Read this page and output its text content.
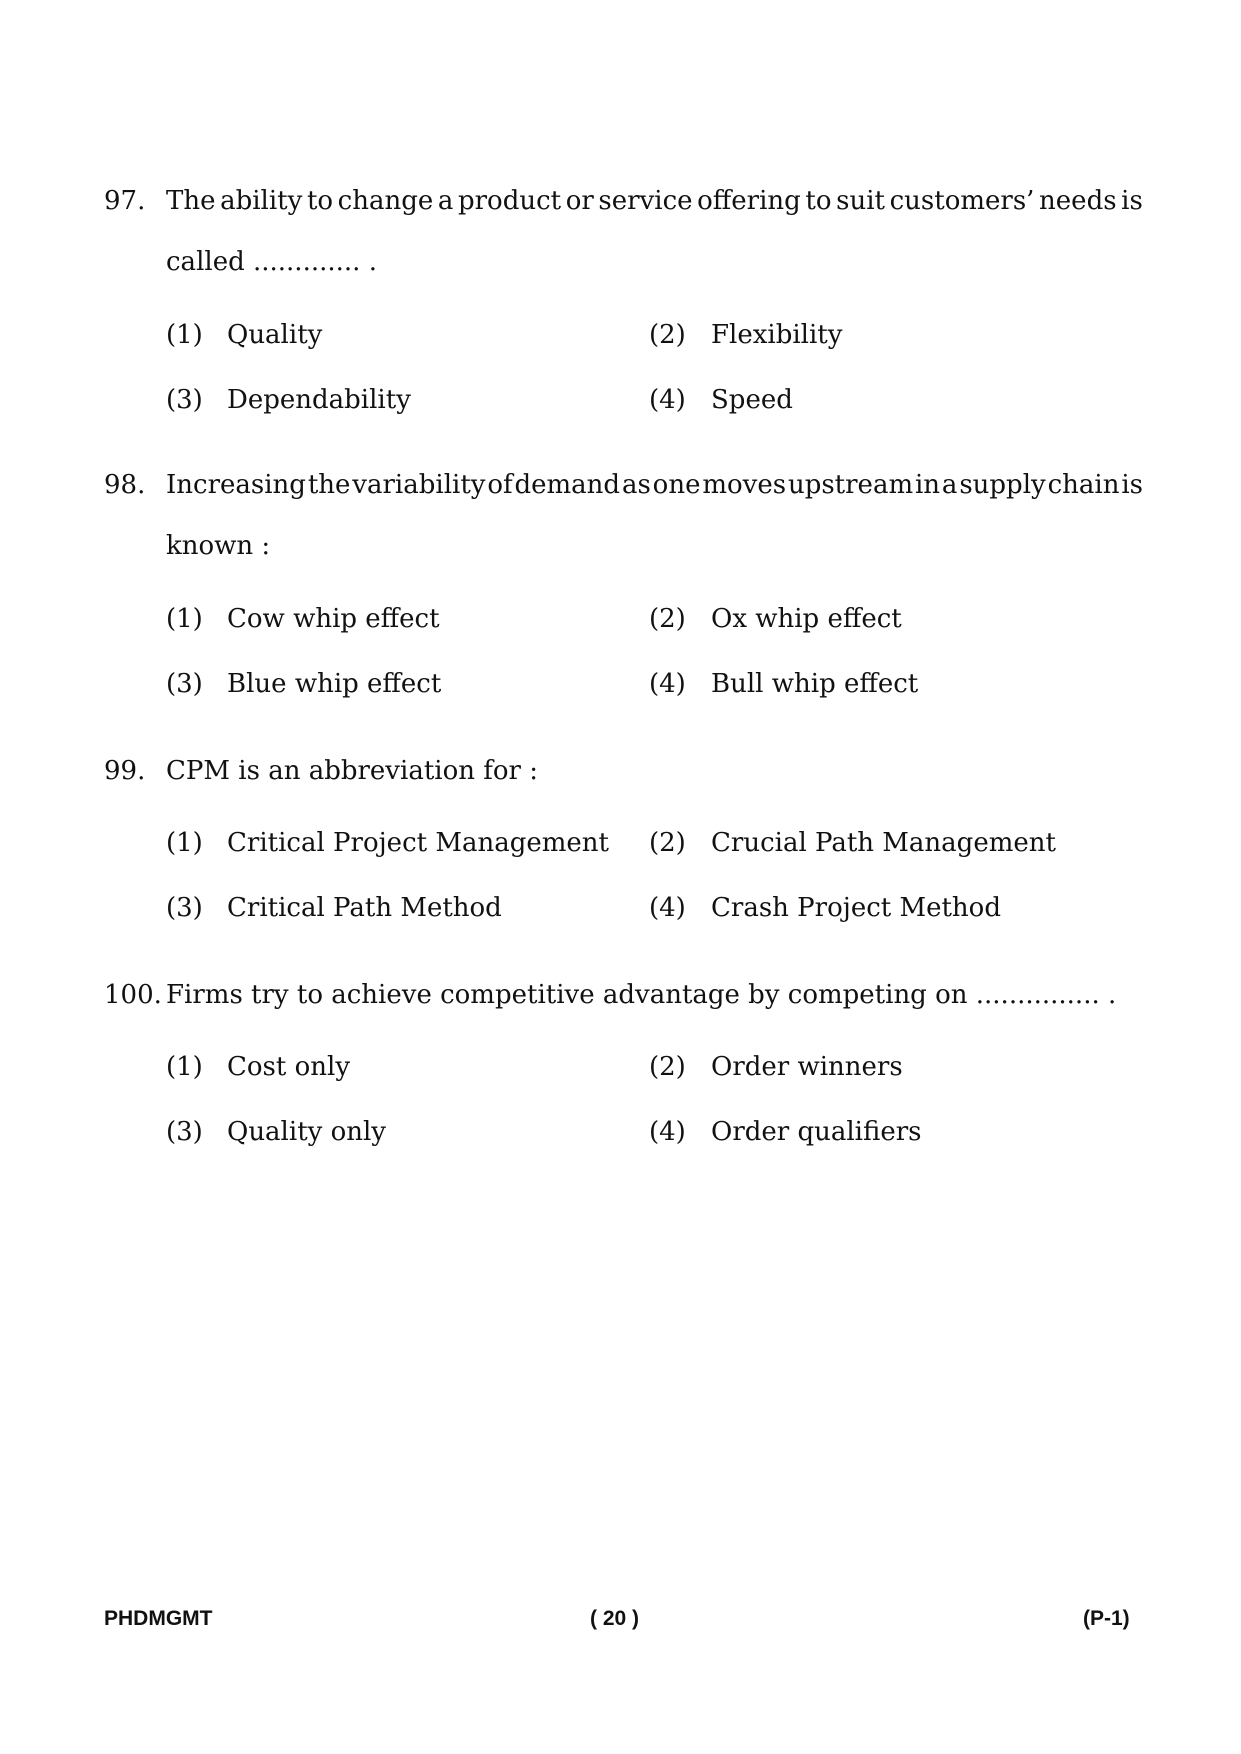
97. The ability to change a product or service offering to suit customers’ needs is
called ............. .
(1) Quality	(2) Flexibility
(3) Dependability	(4) Speed
98. Increasing the variability of demand as one moves upstream in a supply chain is
known :
(1) Cow whip effect	(2) Ox whip effect
(3) Blue whip effect	(4) Bull whip effect
99. CPM is an abbreviation for :
(1) Critical Project Management (2) Crucial Path Management
(3) Critical Path Method	(4) Crash Project Method
100. Firms try to achieve competitive advantage by competing on ............... .
(1) Cost only	(2) Order winners
(3) Quality only	(4) Order qualifiers
PHDMGMT	( 20 )	(P-1)
